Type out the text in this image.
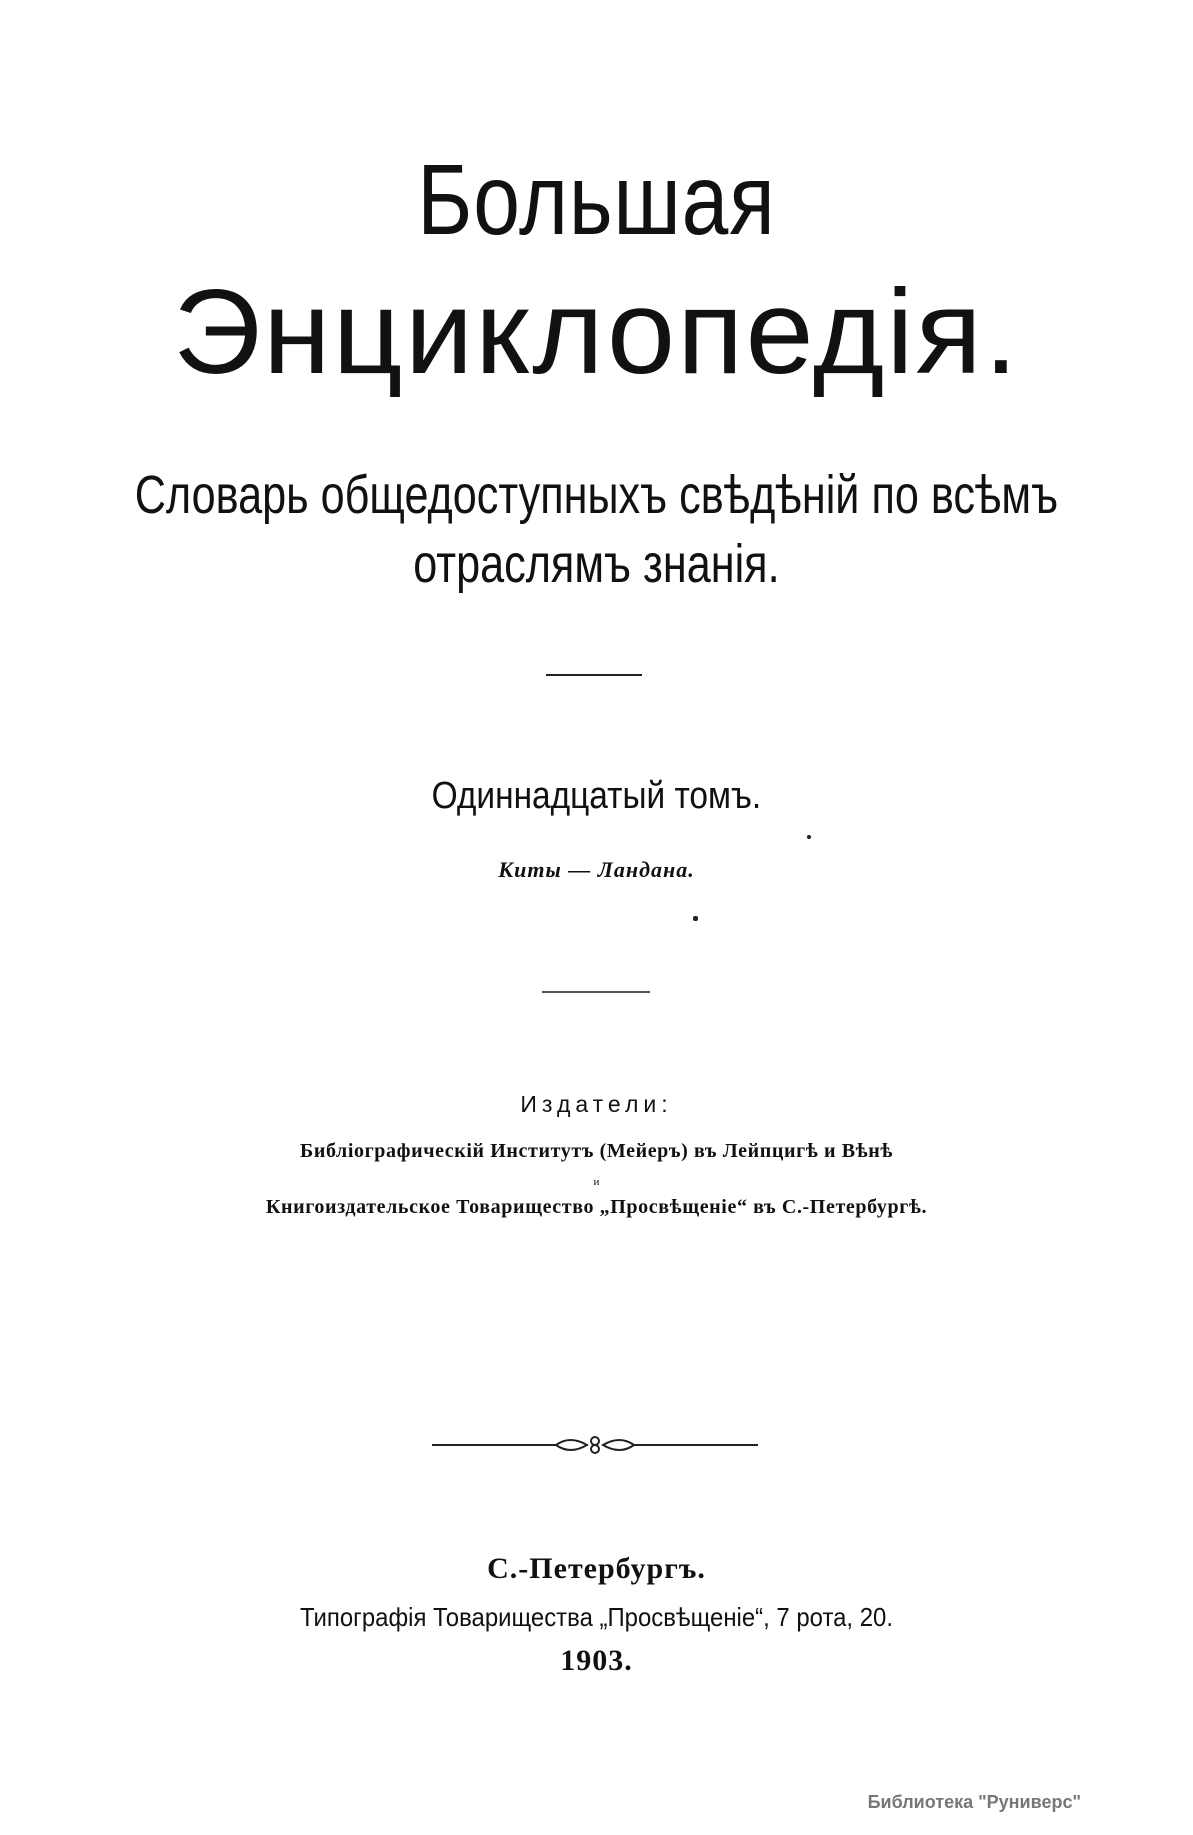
Большая
Энциклопедія.
Словарь общедоступныхъ свѣдѣній по всѣмъ
отраслямъ знанія.
Одиннадцатый томъ.
Киты — Ландана.
Издатели:
Библіографическій Институтъ (Мейеръ) въ Лейпцигѣ и Вѣнѣ
и
Книгоиздательское Товарищество „Просвѣщеніе“ въ С.-Петербургѣ.
С.-Петербургъ.
Типографія Товарищества „Просвѣщеніе“, 7 рота, 20.
1903.
Библиотека "Руниверс"
